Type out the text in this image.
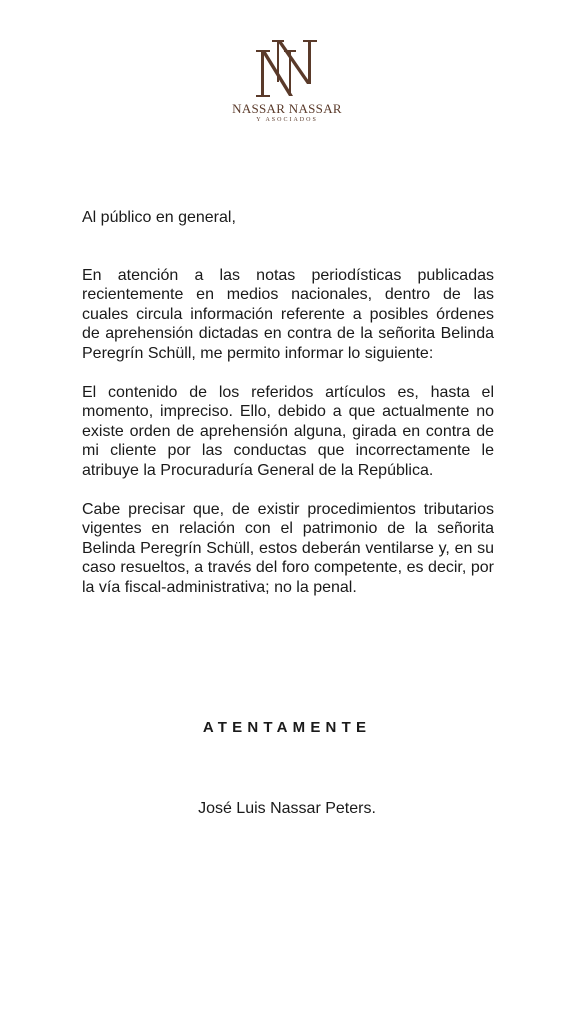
NASSAR NASSAR
Y ASOCIADOS

Al público en general,

En atención a las notas periodísticas publicadas recientemente en medios nacionales, dentro de las cuales circula información referente a posibles órdenes de aprehensión dictadas en contra de la señorita Belinda Peregrín Schüll, me permito informar lo siguiente:

El contenido de los referidos artículos es, hasta el momento, impreciso. Ello, debido a que actualmente no existe orden de aprehensión alguna, girada en contra de mi cliente por las conductas que incorrectamente le atribuye la Procuraduría General de la República.

Cabe precisar que, de existir procedimientos tributarios vigentes en relación con el patrimonio de la señorita Belinda Peregrín Schüll, estos deberán ventilarse y, en su caso resueltos, a través del foro competente, es decir, por la vía fiscal-administrativa; no la penal.

ATENTAMENTE
José Luis Nassar Peters.
